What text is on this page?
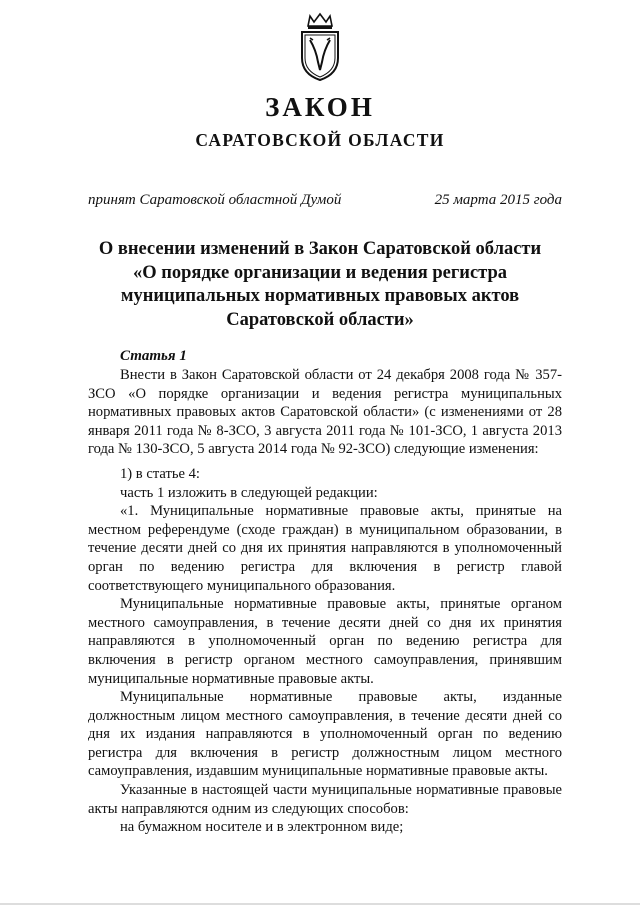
ЗАКОН
САРАТОВСКОЙ ОБЛАСТИ
принят Саратовской областной Думой	25 марта 2015 года
О внесении изменений в Закон Саратовской области
«О порядке организации и ведения регистра
муниципальных нормативных правовых актов
Саратовской области»
Статья 1

Внести в Закон Саратовской области от 24 декабря 2008 года № 357-ЗСО «О порядке организации и ведения регистра муниципальных нормативных правовых актов Саратовской области» (с изменениями от 28 января 2011 года № 8-ЗСО, 3 августа 2011 года № 101-ЗСО, 1 августа 2013 года № 130-ЗСО, 5 августа 2014 года № 92-ЗСО) следующие изменения:

1) в статье 4:

часть 1 изложить в следующей редакции:

«1. Муниципальные нормативные правовые акты, принятые на местном референдуме (сходе граждан) в муниципальном образовании, в течение десяти дней со дня их принятия направляются в уполномоченный орган по ведению регистра для включения в регистр главой соответствующего муниципального образования.

Муниципальные нормативные правовые акты, принятые органом местного самоуправления, в течение десяти дней со дня их принятия направляются в уполномоченный орган по ведению регистра для включения в регистр органом местного самоуправления, принявшим муниципальные нормативные правовые акты.

Муниципальные нормативные правовые акты, изданные должностным лицом местного самоуправления, в течение десяти дней со дня их издания направляются в уполномоченный орган по ведению регистра для включения в регистр должностным лицом местного самоуправления, издавшим муниципальные нормативные правовые акты.

Указанные в настоящей части муниципальные нормативные правовые акты направляются одним из следующих способов:

на бумажном носителе и в электронном виде;
